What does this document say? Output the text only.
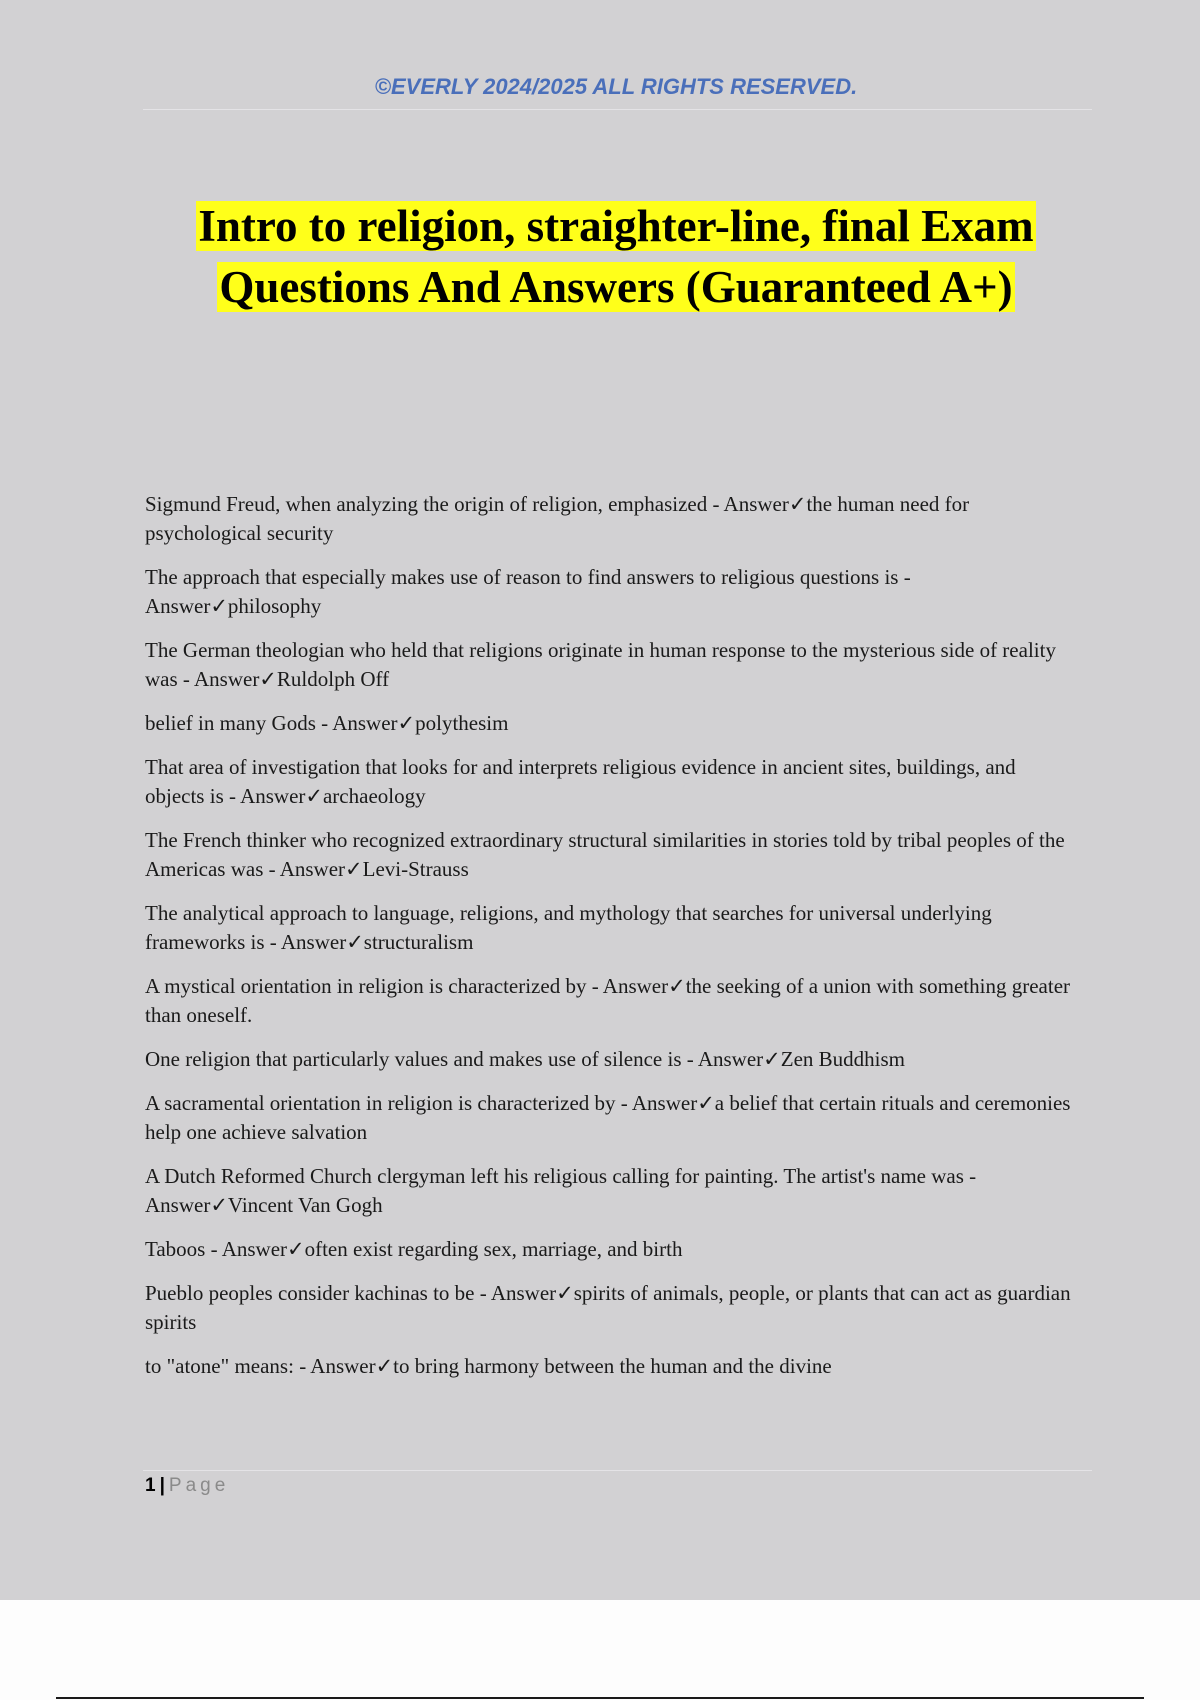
©EVERLY 2024/2025 ALL RIGHTS RESERVED.
Intro to religion, straighter-line, final Exam
Questions And Answers (Guaranteed A+)

Sigmund Freud, when analyzing the origin of religion, emphasized - Answer✓the human need for psychological security

The approach that especially makes use of reason to find answers to religious questions is - Answer✓philosophy

The German theologian who held that religions originate in human response to the mysterious side of reality was - Answer✓Ruldolph Off

belief in many Gods - Answer✓polythesim

That area of investigation that looks for and interprets religious evidence in ancient sites, buildings, and objects is - Answer✓archaeology

The French thinker who recognized extraordinary structural similarities in stories told by tribal peoples of the Americas was - Answer✓Levi-Strauss

The analytical approach to language, religions, and mythology that searches for universal underlying frameworks is - Answer✓structuralism

A mystical orientation in religion is characterized by - Answer✓the seeking of a union with something greater than oneself.

One religion that particularly values and makes use of silence is - Answer✓Zen Buddhism

A sacramental orientation in religion is characterized by - Answer✓a belief that certain rituals and ceremonies help one achieve salvation

A Dutch Reformed Church clergyman left his religious calling for painting. The artist's name was - Answer✓Vincent Van Gogh

Taboos - Answer✓often exist regarding sex, marriage, and birth

Pueblo peoples consider kachinas to be - Answer✓spirits of animals, people, or plants that can act as guardian spirits

to "atone" means: - Answer✓to bring harmony between the human and the divine

1 | Page
